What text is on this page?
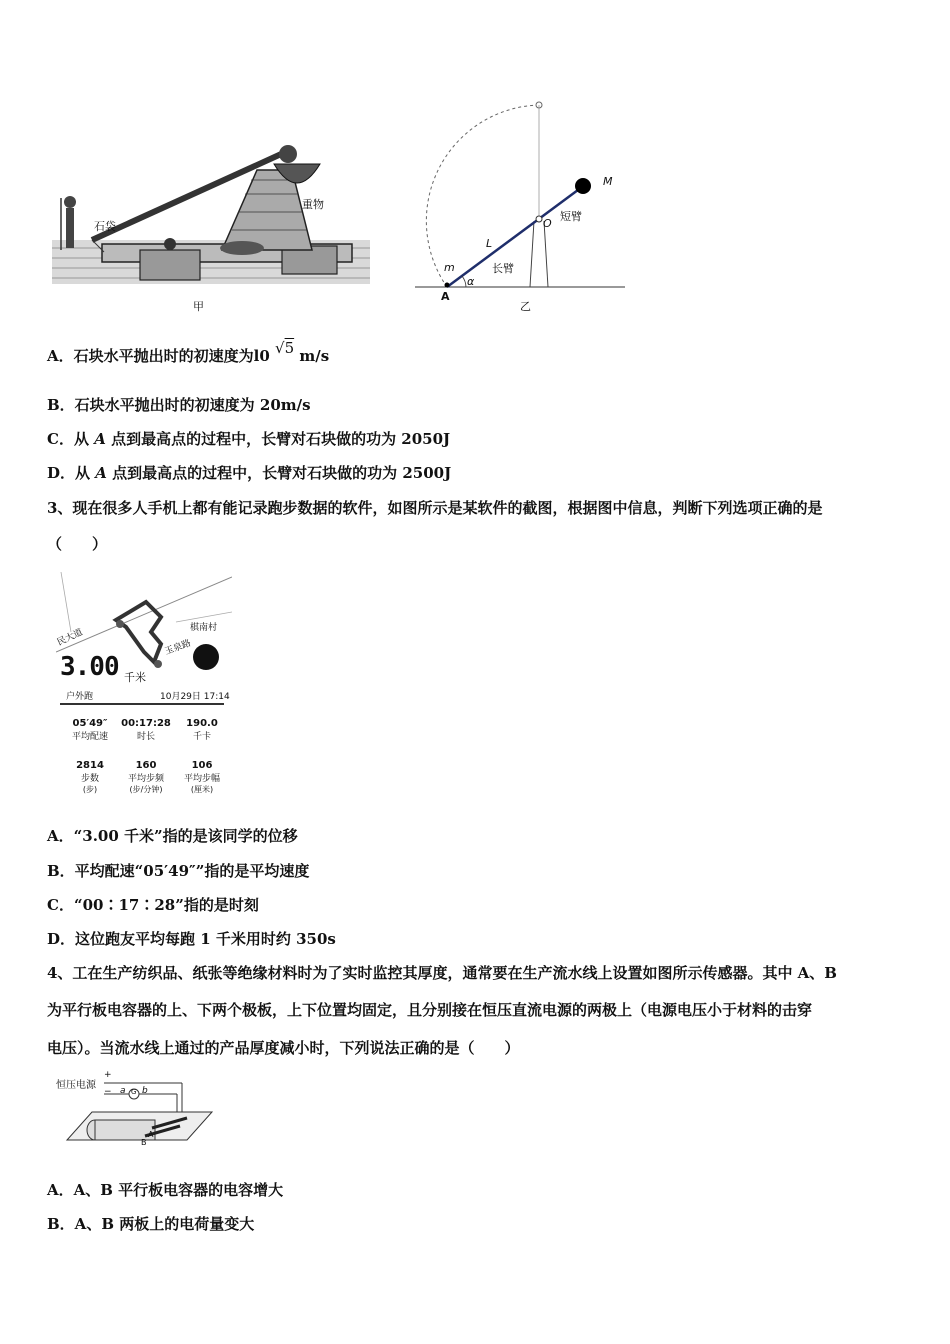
石袋
重物
甲
M
O
短臂
L
长臂
m
α
A
乙
A．石块水平抛出时的初速度为l0 √5 m/s
B．石块水平抛出时的初速度为 20m/s
C．从 A 点到最高点的过程中，长臂对石块做的功为 2050J
D．从 A 点到最高点的过程中，长臂对石块做的功为 2500J
3、现在很多人手机上都有能记录跑步数据的软件，如图所示是某软件的截图，根据图中信息，判断下列选项正确的是
（　　）
民大道	玉泉路
棋南村
3.00 千米
户外跑	10月29日 17:14
05′49″
平均配速
00:17:28
时长
190.0
千卡
2814
步数
(步)
160
平均步频
(步/分钟)
106
平均步幅
(厘米)
A．“3.00 千米”指的是该同学的位移
B．平均配速“05′49″”指的是平均速度
C．“00∶17∶28”指的是时刻
D．这位跑友平均每跑 1 千米用时约 350s
4、工在生产纺织品、纸张等绝缘材料时为了实时监控其厚度，通常要在生产流水线上设置如图所示传感器。其中 A、B
为平行板电容器的上、下两个极板，上下位置均固定，且分别接在恒压直流电源的两极上（电源电压小于材料的击穿
电压）。当流水线上通过的产品厚度减小时，下列说法正确的是（　　）
恒压电源
+
− a b
G
A
B
A．A、B 平行板电容器的电容增大
B．A、B 两板上的电荷量变大
